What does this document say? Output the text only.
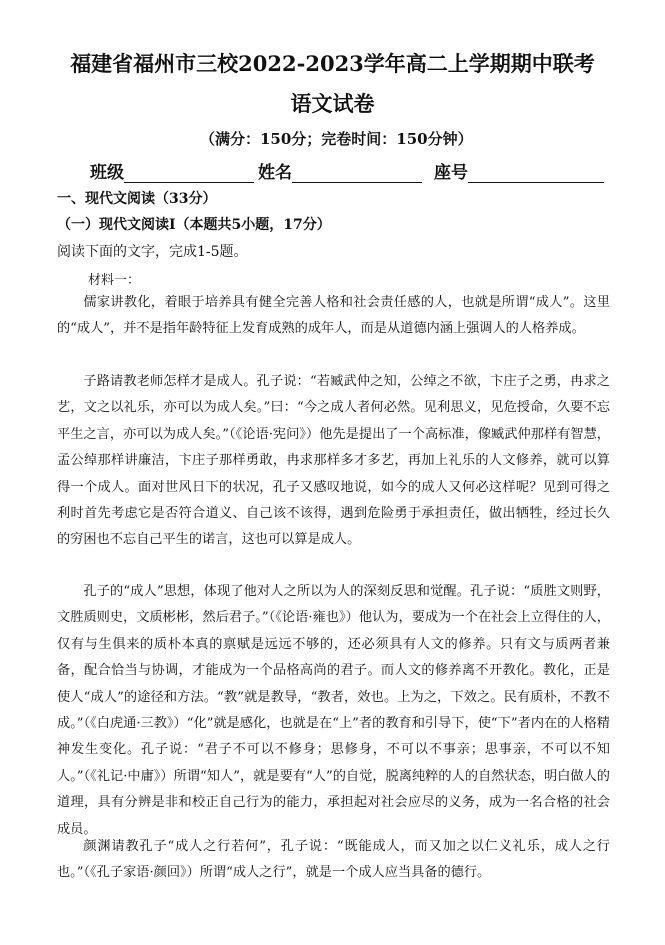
福建省福州市三校2022-2023学年高二上学期期中联考
语文试卷
（满分：150分；完卷时间：150分钟）
班级	姓名	座号
一、现代文阅读（33分）
（一）现代文阅读Ⅰ（本题共5小题，17分）
阅读下面的文字，完成1-5题。
材料一：

儒家讲教化，着眼于培养具有健全完善人格和社会责任感的人，也就是所谓“成人”。这里的“成人”，并不是指年龄特征上发育成熟的成年人，而是从道德内涵上强调人的人格养成。

子路请教老师怎样才是成人。孔子说：“若臧武仲之知，公绰之不欲，卞庄子之勇，冉求之艺，文之以礼乐，亦可以为成人矣。”曰：“今之成人者何必然。见利思义，见危授命，久要不忘平生之言，亦可以为成人矣。”（《论语·宪问》）他先是提出了一个高标准，像臧武仲那样有智慧，孟公绰那样讲廉洁，卞庄子那样勇敢，冉求那样多才多艺，再加上礼乐的人文修养，就可以算得一个成人。面对世风日下的状况，孔子又感叹地说，如今的成人又何必这样呢？见到可得之利时首先考虑它是否符合道义、自己该不该得，遇到危险勇于承担责任，做出牺牲，经过长久的穷困也不忘自己平生的诺言，这也可以算是成人。

孔子的“成人”思想，体现了他对人之所以为人的深刻反思和觉醒。孔子说：“质胜文则野，文胜质则史，文质彬彬，然后君子。”（《论语·雍也》）他认为，要成为一个在社会上立得住的人，仅有与生俱来的质朴本真的禀赋是远远不够的，还必须具有人文的修养。只有文与质两者兼备，配合恰当与协调，才能成为一个品格高尚的君子。而人文的修养离不开教化。教化，正是使人“成人”的途径和方法。“教”就是教导，“教者，效也。上为之，下效之。民有质朴，不教不成。”（《白虎通·三教》）“化”就是感化，也就是在“上”者的教育和引导下，使“下”者内在的人格精神发生变化。孔子说：“君子不可以不修身；思修身，不可以不事亲；思事亲，不可以不知人。”（《礼记·中庸》）所谓“知人”，就是要有“人”的自觉，脱离纯粹的人的自然状态，明白做人的道理，具有分辨是非和校正自己行为的能力，承担起对社会应尽的义务，成为一名合格的社会成员。

颜渊请教孔子“成人之行若何”，孔子说：“既能成人，而又加之以仁义礼乐，成人之行也。”（《孔子家语·颜回》）所谓“成人之行”，就是一个成人应当具备的德行。
